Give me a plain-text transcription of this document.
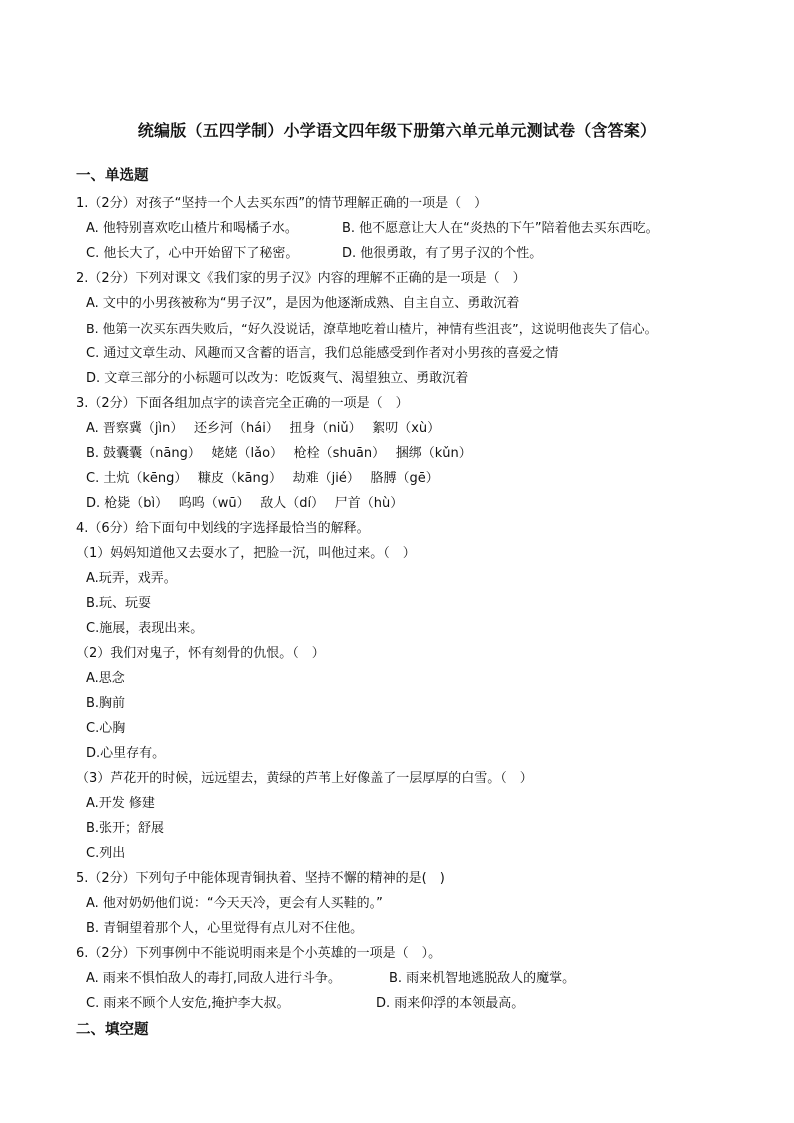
统编版（五四学制）小学语文四年级下册第六单元单元测试卷（含答案）
一、单选题
1.（2分）对孩子“坚持一个人去买东西”的情节理解正确的一项是（　）
A. 他特别喜欢吃山楂片和喝橘子水。	B. 他不愿意让大人在“炎热的下午”陪着他去买东西吃。
C. 他长大了，心中开始留下了秘密。	D. 他很勇敢，有了男子汉的个性。
2.（2分）下列对课文《我们家的男子汉》内容的理解不正确的是一项是（　）
A. 文中的小男孩被称为“男子汉”，是因为他逐渐成熟、自主自立、勇敢沉着
B. 他第一次买东西失败后，“好久没说话，潦草地吃着山楂片，神情有些沮丧”，这说明他丧失了信心。
C. 通过文章生动、风趣而又含蓄的语言，我们总能感受到作者对小男孩的喜爱之情
D. 文章三部分的小标题可以改为：吃饭爽气、渴望独立、勇敢沉着
3.（2分）下面各组加点字的读音完全正确的一项是（　）
A. 晋察冀（jìn）　 还乡河（hái）　 扭身（niǔ）　 絮叨（xù）
B. 鼓囊囊（nāng）　 姥姥（lǎo）　 枪栓（shuān）　 捆绑（kǔn）
C. 土炕（kēng）　 糠皮（kāng）　 劫难（jié）　 胳膊（gē）
D. 枪毙（bì）　 呜呜（wū）　 敌人（dí）　 尸首（hù）
4.（6分）给下面句中划线的字选择最恰当的解释。
（1）妈妈知道他又去耍水了，把脸一沉，叫他过来。（　）
A.玩弄，戏弄。
B.玩、玩耍
C.施展，表现出来。
（2）我们对鬼子，怀有刻骨的仇恨。（　）
A.思念
B.胸前
C.心胸
D.心里存有。
（3）芦花开的时候，远远望去，黄绿的芦苇上好像盖了一层厚厚的白雪。（　）
A.开发 修建
B.张开；舒展
C.列出
5.（2分）下列句子中能体现青铜执着、坚持不懈的精神的是(　)
A. 他对奶奶他们说：“今天天冷，更会有人买鞋的。”
B. 青铜望着那个人，心里觉得有点儿对不住他。
6.（2分）下列事例中不能说明雨来是个小英雄的一项是（　）。
A. 雨来不惧怕敌人的毒打,同敌人进行斗争。	B. 雨来机智地逃脱敌人的魔掌。
C. 雨来不顾个人安危,掩护李大叔。	D. 雨来仰浮的本领最高。
二、填空题
